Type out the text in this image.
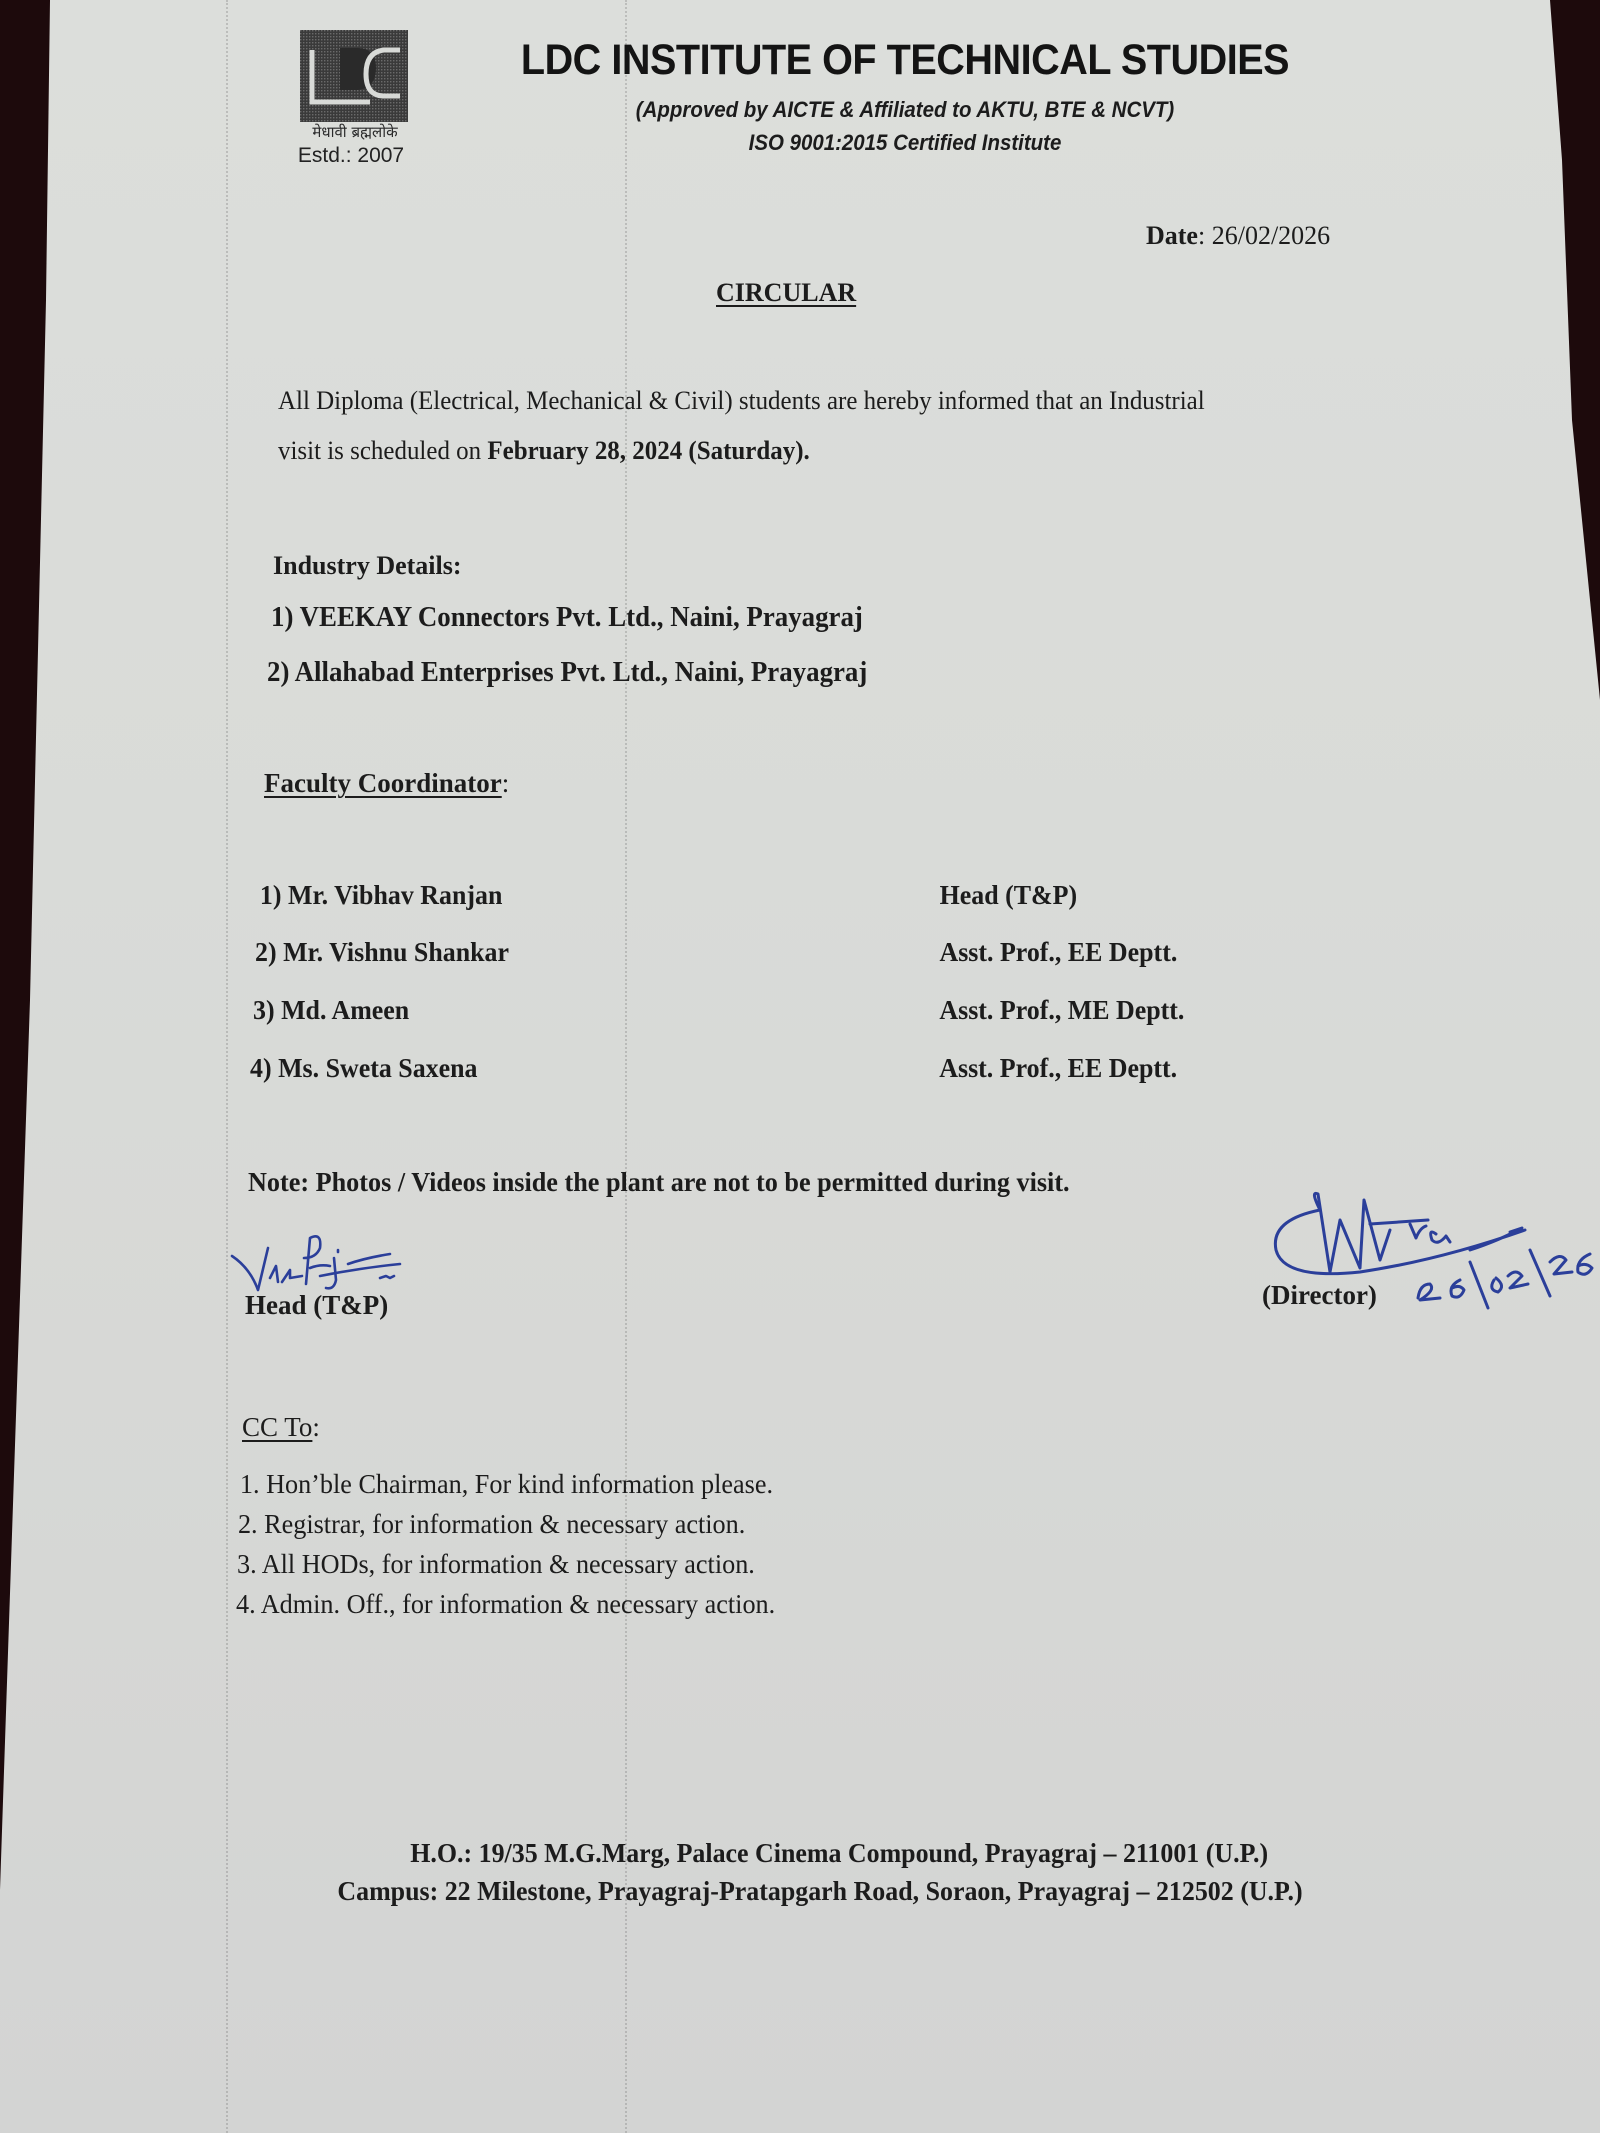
मेधावी ब्रह्मलोके
Estd.: 2007
LDC INSTITUTE OF TECHNICAL STUDIES
(Approved by AICTE & Affiliated to AKTU, BTE & NCVT)
ISO 9001:2015 Certified Institute
Date: 26/02/2026
CIRCULAR
All Diploma (Electrical, Mechanical & Civil) students are hereby informed that an Industrial
visit is scheduled on February 28, 2024 (Saturday).
Industry Details:
1) VEEKAY Connectors Pvt. Ltd., Naini, Prayagraj
2) Allahabad Enterprises Pvt. Ltd., Naini, Prayagraj
Faculty Coordinator:
1) Mr. Vibhav Ranjan	Head (T&P)
2) Mr. Vishnu Shankar	Asst. Prof., EE Deptt.
3) Md. Ameen	Asst. Prof., ME Deptt.
4) Ms. Sweta Saxena	Asst. Prof., EE Deptt.
Note: Photos / Videos inside the plant are not to be permitted during visit.
Head (T&P)	(Director)
CC To:
1. Hon’ble Chairman, For kind information please.
2. Registrar, for information & necessary action.
3. All HODs, for information & necessary action.
4. Admin. Off., for information & necessary action.
H.O.: 19/35 M.G.Marg, Palace Cinema Compound, Prayagraj – 211001 (U.P.)
Campus: 22 Milestone, Prayagraj-Pratapgarh Road, Soraon, Prayagraj – 212502 (U.P.)
